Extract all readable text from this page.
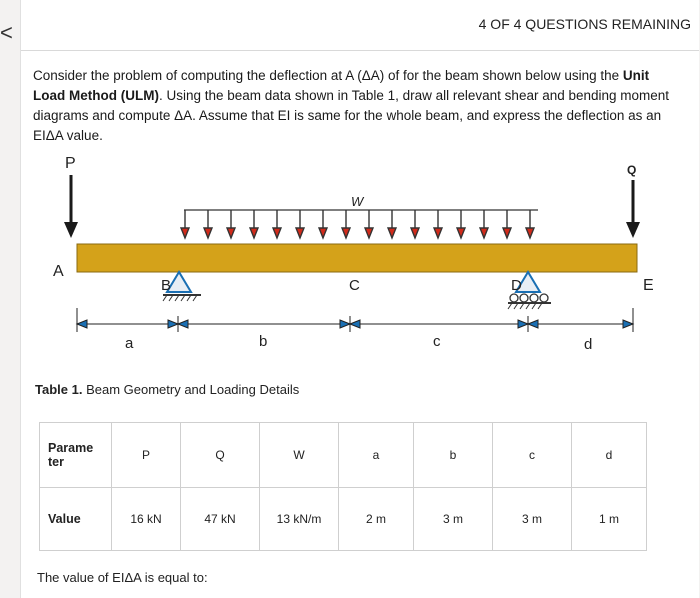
<	4 OF 4 QUESTIONS REMAINING
Consider the problem of computing the deflection at A (ΔA) of for the beam shown below using the Unit Load Method (ULM). Using the beam data shown in Table 1, draw all relevant shear and bending moment diagrams and compute ΔA. Assume that EI is same for the whole beam, and express the deflection as an EIΔA value.
P	Q
W
A
E
B	C	D
a	b	c	d
Table 1. Beam Geometry and Loading Details
Parame ter	P	Q	W	a	b	c	d
Value	16 kN	47 kN	13 kN/m	2 m	3 m	3 m	1 m
The value of EIΔA is equal to:
